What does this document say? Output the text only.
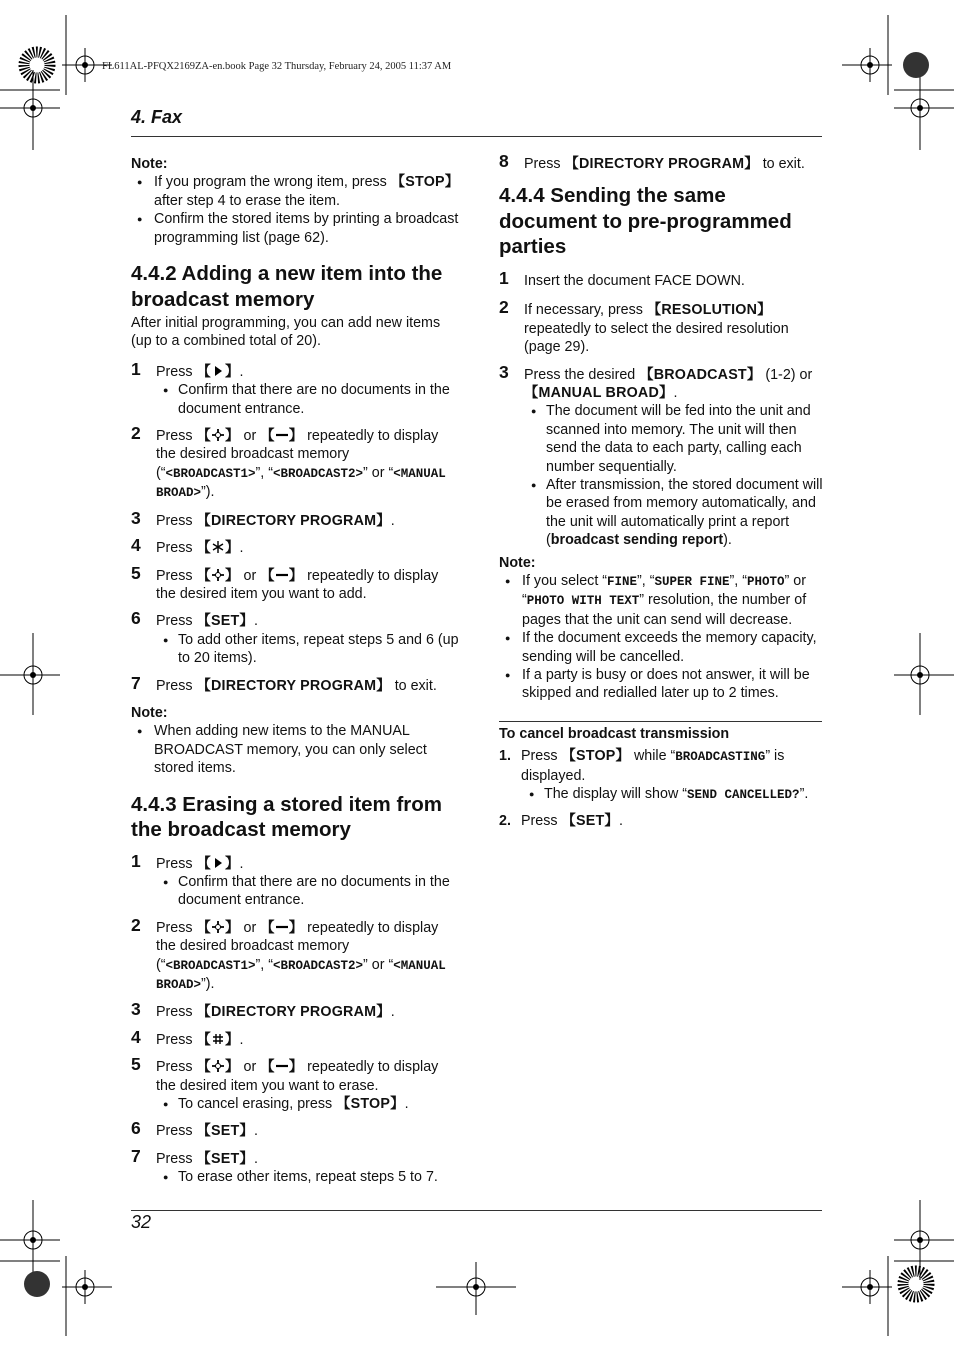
FL611AL-PFQX2169ZA-en.book Page 32 Thursday, February 24, 2005 11:37 AM
4. Fax

Note:

● If you program the wrong item, press 【STOP】 after step 4 to erase the item.
● Confirm the stored items by printing a broadcast programming list (page 62).
4.4.2 Adding a new item into the broadcast memory

After initial programming, you can add new items (up to a combined total of 20).

1 Press 【 】.

● Confirm that there are no documents in the document entrance.

2 Press 【 】 or 【 】 repeatedly to display the desired broadcast memory
(“<BROADCAST1>”, “<BROADCAST2>” or “<MANUAL BROAD>”).

3 Press 【DIRECTORY PROGRAM】.

4 Press 【 】.

5 Press 【 】 or 【 】 repeatedly to display the desired item you want to add.

6 Press 【SET】.

● To add other items, repeat steps 5 and 6 (up to 20 items).

7 Press 【DIRECTORY PROGRAM】 to exit.

Note:

● When adding new items to the MANUAL BROADCAST memory, you can only select stored items.
4.4.3 Erasing a stored item from the broadcast memory

1 Press 【 】.

● Confirm that there are no documents in the document entrance.

2 Press 【 】 or 【 】 repeatedly to display the desired broadcast memory
(“<BROADCAST1>”, “<BROADCAST2>” or “<MANUAL BROAD>”).

3 Press 【DIRECTORY PROGRAM】.

4 Press 【 】.

5 Press 【 】 or 【 】 repeatedly to display the desired item you want to erase.

● To cancel erasing, press 【STOP】.

6 Press 【SET】.

7 Press 【SET】.

● To erase other items, repeat steps 5 to 7.

8 Press 【DIRECTORY PROGRAM】 to exit.

4.4.4 Sending the same document to pre-programmed parties

1 Insert the document FACE DOWN.

2 If necessary, press 【RESOLUTION】 repeatedly to select the desired resolution (page 29).

3 Press the desired 【BROADCAST】 (1-2) or 【MANUAL BROAD】.

● The document will be fed into the unit and scanned into memory. The unit will then send the data to each party, calling each number sequentially.
● After transmission, the stored document will be erased from memory automatically, and the unit will automatically print a report (broadcast sending report).

Note:

● If you select “FINE”, “SUPER FINE”, “PHOTO” or “PHOTO WITH TEXT” resolution, the number of pages that the unit can send will decrease.
● If the document exceeds the memory capacity, sending will be cancelled.
● If a party is busy or does not answer, it will be skipped and redialled later up to 2 times.

To cancel broadcast transmission

1. Press 【STOP】 while “BROADCASTING” is displayed.

● The display will show “SEND CANCELLED?”.

2. Press 【SET】.

32
